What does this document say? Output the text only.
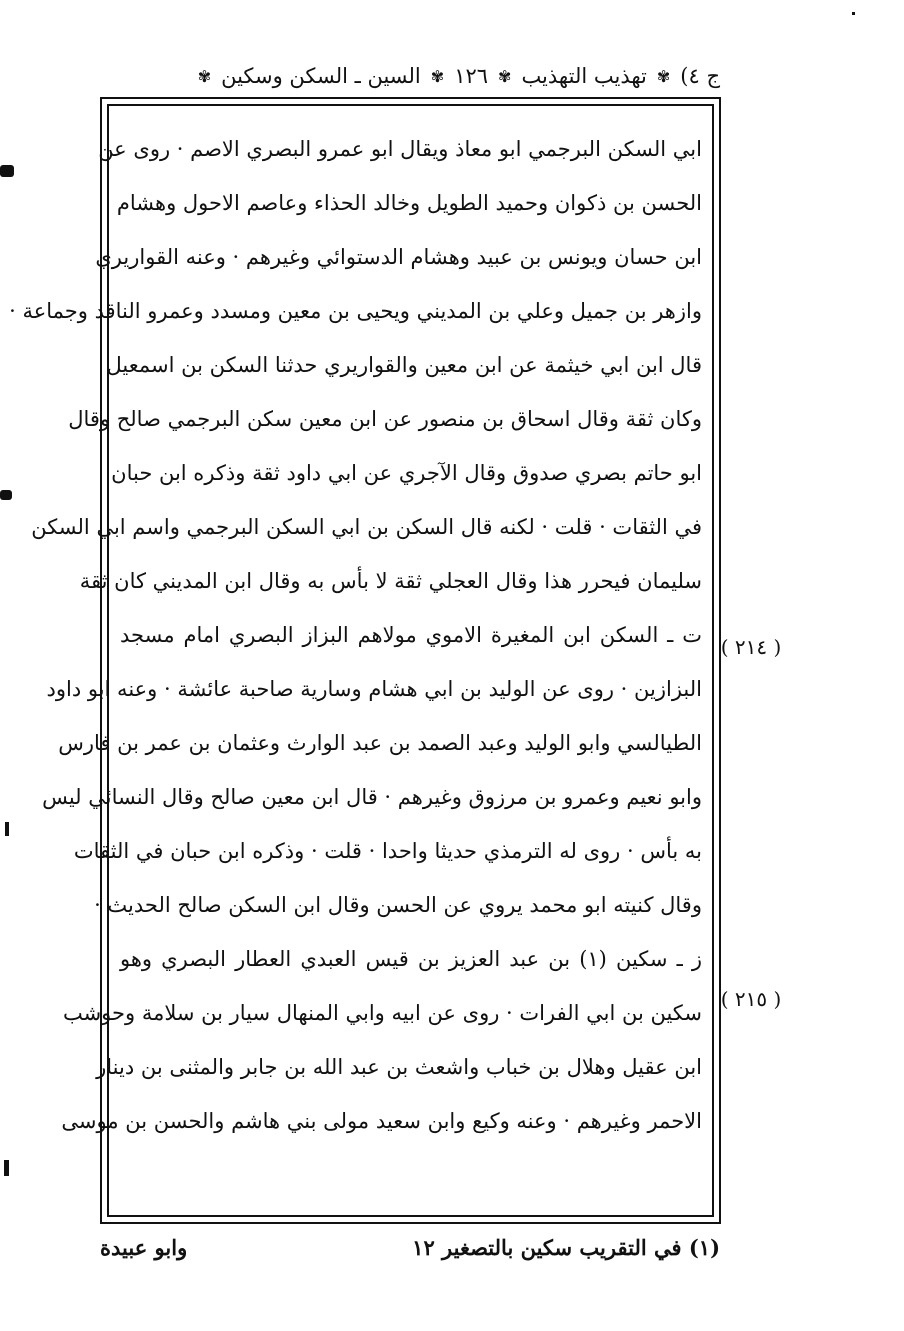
ج ٤)
✾
تهذيب التهذيب
✾
١٢٦
✾
السين ـ السكن وسكين
✾
ابي السكن البرجمي ابو معاذ ويقال ابو عمرو البصري الاصم · روى عن
الحسن بن ذكوان وحميد الطويل وخالد الحذاء وعاصم الاحول وهشام
ابن حسان ويونس بن عبيد وهشام الدستوائي وغيرهم · وعنه القواريري
وازهر بن جميل وعلي بن المديني ويحيى بن معين ومسدد وعمرو الناقد وجماعة ·
قال ابن ابي خيثمة عن ابن معين والقواريري حدثنا السكن بن اسمعيل
وكان ثقة وقال اسحاق بن منصور عن ابن معين سكن البرجمي صالح وقال
ابو حاتم بصري صدوق وقال الآجري عن ابي داود ثقة وذكره ابن حبان
في الثقات · قلت · لكنه قال السكن بن ابي السكن البرجمي واسم ابي السكن
سليمان فيحرر هذا وقال العجلي ثقة لا بأس به وقال ابن المديني كان ثقة
ت ـ السكن ابن المغيرة الاموي مولاهم البزاز البصري امام مسجد
البزازين · روى عن الوليد بن ابي هشام وسارية صاحبة عائشة · وعنه ابو داود
الطيالسي وابو الوليد وعبد الصمد بن عبد الوارث وعثمان بن عمر بن فارس
وابو نعيم وعمرو بن مرزوق وغيرهم · قال ابن معين صالح وقال النسائي ليس
به بأس · روى له الترمذي حديثا واحدا · قلت · وذكره ابن حبان في الثقات
وقال كنيته ابو محمد يروي عن الحسن وقال ابن السكن صالح الحديث ·
ز ـ سكين (١) بن عبد العزيز بن قيس العبدي العطار البصري وهو
سكين بن ابي الفرات · روى عن ابيه وابي المنهال سيار بن سلامة وحوشب
ابن عقيل وهلال بن خباب واشعث بن عبد الله بن جابر والمثنى بن دينار
الاحمر وغيرهم · وعنه وكيع وابن سعيد مولى بني هاشم والحسن بن موسى
( ٢١٤ )
( ٢١٥ )
(١) في التقريب سكين بالتصغير ١٢
وابو عبيدة
